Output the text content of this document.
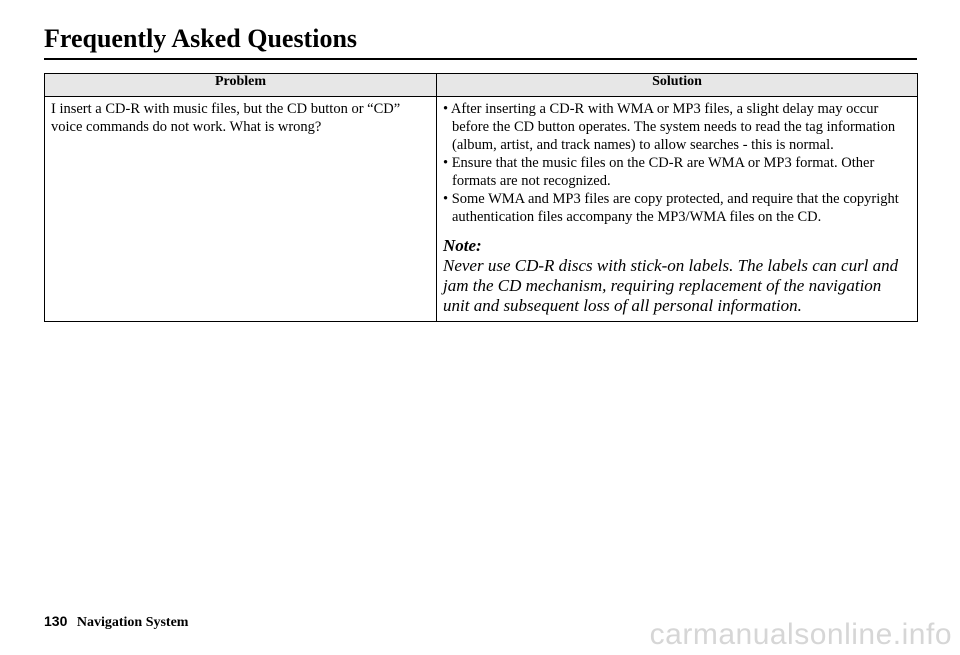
Frequently Asked Questions
Problem	Solution
I insert a CD-R with music files, but the CD button or “CD” voice commands do not work. What is wrong?	• After inserting a CD-R with WMA or MP3 files, a slight delay may occur before the CD button operates. The system needs to read the tag information (album, artist, and track names) to allow searches - this is normal.

• Ensure that the music files on the CD-R are WMA or MP3 format. Other formats are not recognized.

• Some WMA and MP3 files are copy protected, and require that the copyright authentication files accompany the MP3/WMA files on the CD.

Note:

Never use CD-R discs with stick-on labels. The labels can curl and jam the CD mechanism, requiring replacement of the navigation unit and subsequent loss of all personal information.

130 Navigation System	carmanualsonline.info
